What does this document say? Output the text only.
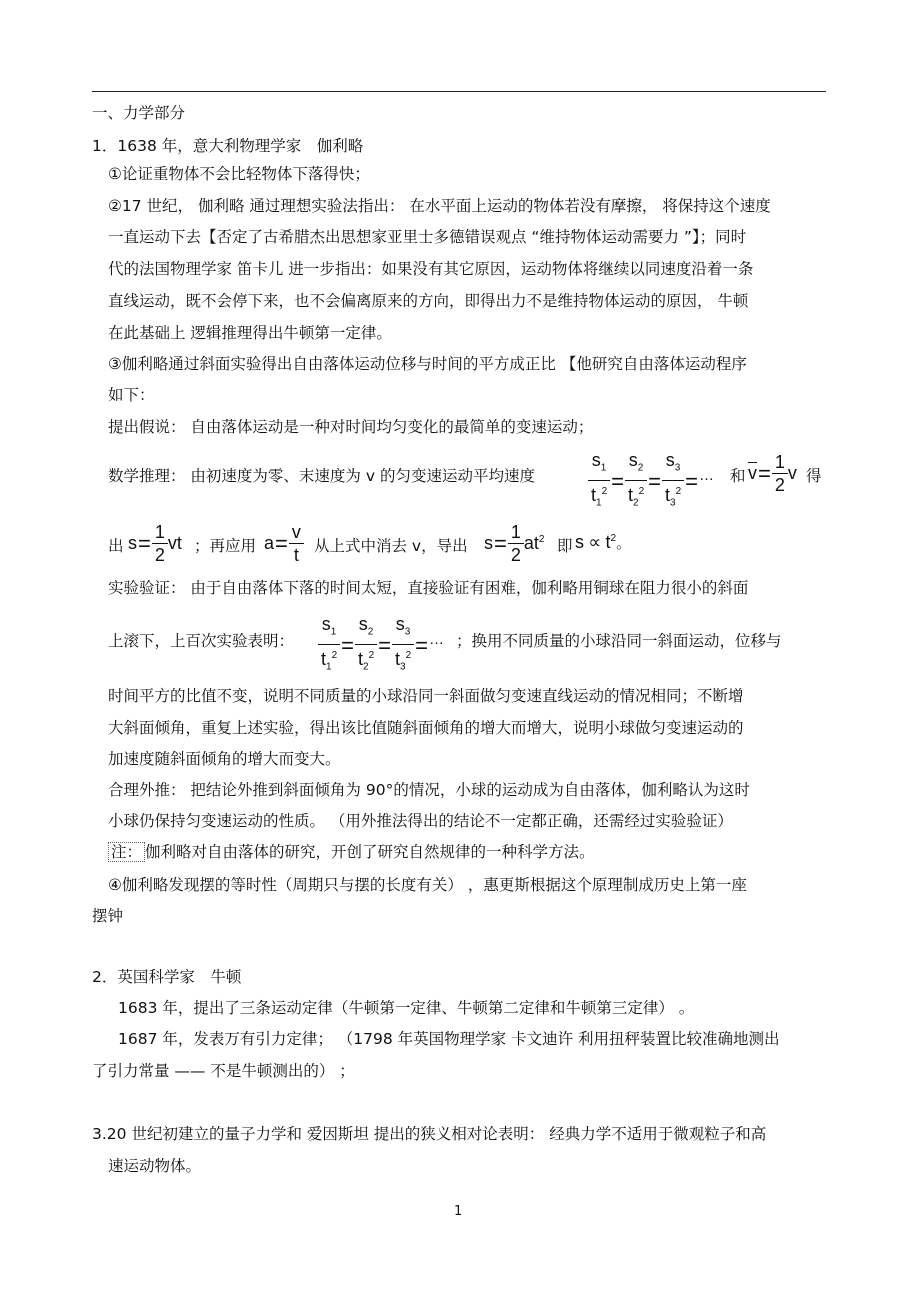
一、力学部分
1．1638 年，意大利物理学家　伽利略
①论证重物体不会比轻物体下落得快；
②17 世纪， 伽利略 通过理想实验法指出： 在水平面上运动的物体若没有摩擦， 将保持这个速度
一直运动下去【否定了古希腊杰出思想家亚里士多德错误观点 “维持物体运动需要力 ”】；同时
代的法国物理学家 笛卡儿 进一步指出：如果没有其它原因，运动物体将继续以同速度沿着一条
直线运动，既不会停下来，也不会偏离原来的方向，即得出力不是维持物体运动的原因， 牛顿
在此基础上 逻辑推理得出牛顿第一定律。
③伽利略通过斜面实验得出自由落体运动位移与时间的平方成正比 【他研究自由落体运动程序
如下：
提出假说： 自由落体运动是一种对时间均匀变化的最简单的变速运动；
数学推理： 由初速度为零、末速度为 v 的匀变速运动平均速度	$\frac{s_1}{t_1^2} = \frac{s_2}{t_2^2} = \frac{s_3}{t_3^2}$ =… 和 $\overline{v}= \frac{1}{2}$ v 得
出 $s= \frac{1}{2}$ vt ；再应用 $a= \frac{v}{t}$ 从上式中消去 v，导出 $s= \frac{1}{2} at^2$ 即 $s \propto t^2$。
实验验证： 由于自由落体下落的时间太短，直接验证有困难，伽利略用铜球在阻力很小的斜面
上滚下，上百次实验表明： $\frac{s_1}{t_1^2} = \frac{s_2}{t_2^2} = \frac{s_3}{t_3^2}$ =… ；换用不同质量的小球沿同一斜面运动，位移与
时间平方的比值不变，说明不同质量的小球沿同一斜面做匀变速直线运动的情况相同；不断增
大斜面倾角，重复上述实验，得出该比值随斜面倾角的增大而增大，说明小球做匀变速运动的
加速度随斜面倾角的增大而变大。
合理外推： 把结论外推到斜面倾角为 90°的情况，小球的运动成为自由落体，伽利略认为这时
小球仍保持匀变速运动的性质。 （用外推法得出的结论不一定都正确，还需经过实验验证）
注： 伽利略对自由落体的研究，开创了研究自然规律的一种科学方法。
④伽利略发现摆的等时性（周期只与摆的长度有关） ，惠更斯根据这个原理制成历史上第一座
摆钟
2．英国科学家　牛顿
1683 年，提出了三条运动定律（牛顿第一定律、牛顿第二定律和牛顿第三定律） 。
1687 年，发表万有引力定律； （1798 年英国物理学家 卡文迪许 利用扭秤装置比较准确地测出
了引力常量 —— 不是牛顿测出的） ；
3.20 世纪初建立的量子力学和 爱因斯坦 提出的狭义相对论表明： 经典力学不适用于微观粒子和高
速运动物体。
1
